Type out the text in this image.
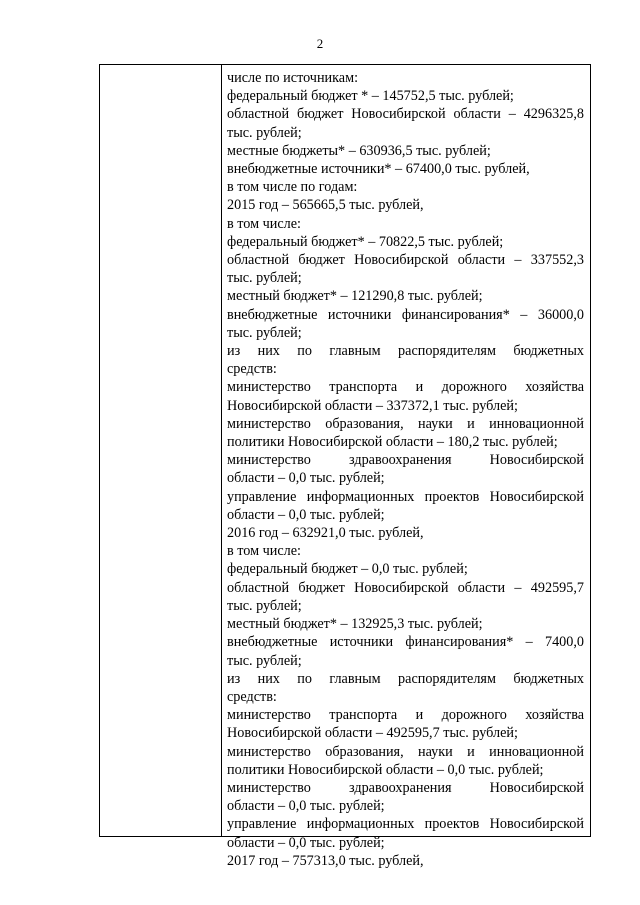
2
числе по источникам:
федеральный бюджет * – 145752,5 тыс. рублей;
областной бюджет Новосибирской области – 4296325,8
тыс. рублей;
местные бюджеты* – 630936,5 тыс. рублей;
внебюджетные источники* – 67400,0 тыс. рублей,
в том числе по годам:
2015 год – 565665,5 тыс. рублей,
в том числе:
федеральный бюджет* – 70822,5 тыс. рублей;
областной бюджет Новосибирской области – 337552,3
тыс. рублей;
местный бюджет* – 121290,8 тыс. рублей;
внебюджетные источники финансирования* – 36000,0
тыс. рублей;
из них по главным распорядителям бюджетных
средств:
министерство транспорта и дорожного хозяйства
Новосибирской области – 337372,1 тыс. рублей;
министерство образования, науки и инновационной
политики Новосибирской области – 180,2 тыс. рублей;
министерство здравоохранения Новосибирской
области – 0,0 тыс. рублей;
управление информационных проектов Новосибирской
области – 0,0 тыс. рублей;
2016 год – 632921,0 тыс. рублей,
в том числе:
федеральный бюджет – 0,0 тыс. рублей;
областной бюджет Новосибирской области – 492595,7
тыс. рублей;
местный бюджет* – 132925,3 тыс. рублей;
внебюджетные источники финансирования* – 7400,0
тыс. рублей;
из них по главным распорядителям бюджетных
средств:
министерство транспорта и дорожного хозяйства
Новосибирской области – 492595,7 тыс. рублей;
министерство образования, науки и инновационной
политики Новосибирской области – 0,0 тыс. рублей;
министерство здравоохранения Новосибирской
области – 0,0 тыс. рублей;
управление информационных проектов Новосибирской
области – 0,0 тыс. рублей;
2017 год – 757313,0 тыс. рублей,
